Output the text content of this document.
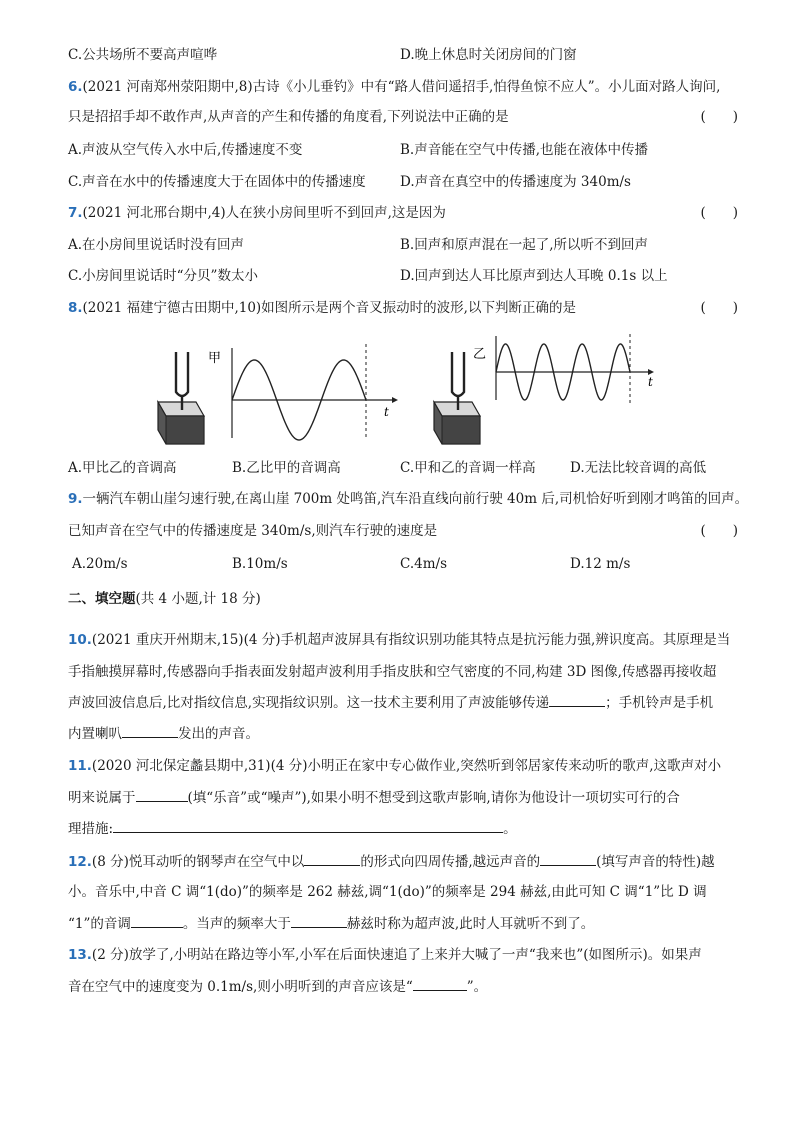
C.公共场所不要高声喧哗	D.晚上休息时关闭房间的门窗
6.(2021 河南郑州荥阳期中,8)古诗《小儿垂钓》中有“路人借问遥招手,怕得鱼惊不应人”。小儿面对路人询问,
只是招招手却不敢作声,从声音的产生和传播的角度看,下列说法中正确的是	(　　)
A.声波从空气传入水中后,传播速度不变	B.声音能在空气中传播,也能在液体中传播
C.声音在水中的传播速度大于在固体中的传播速度	D.声音在真空中的传播速度为 340m/s
7.(2021 河北邢台期中,4)人在狭小房间里听不到回声,这是因为	(　　)
A.在小房间里说话时没有回声	B.回声和原声混在一起了,所以听不到回声
C.小房间里说话时“分贝”数太小	D.回声到达人耳比原声到达人耳晚 0.1s 以上
8.(2021 福建宁德古田期中,10)如图所示是两个音叉振动时的波形,以下判断正确的是	(　　)
甲
t
乙
t
A.甲比乙的音调高	B.乙比甲的音调高	C.甲和乙的音调一样高	D.无法比较音调的高低
9.一辆汽车朝山崖匀速行驶,在离山崖 700m 处鸣笛,汽车沿直线向前行驶 40m 后,司机恰好听到刚才鸣笛的回声。
已知声音在空气中的传播速度是 340m/s,则汽车行驶的速度是	(　　)
A.20m/s	B.10m/s	C.4m/s	D.12 m/s
二、填空题(共 4 小题,计 18 分)
10.(2021 重庆开州期末,15)(4 分)手机超声波屏具有指纹识别功能其特点是抗污能力强,辨识度高。其原理是当
手指触摸屏幕时,传感器向手指表面发射超声波利用手指皮肤和空气密度的不同,构建 3D 图像,传感器再接收超
声波回波信息后,比对指纹信息,实现指纹识别。这一技术主要利用了声波能够传递	；手机铃声是手机
内置喇叭	发出的声音。
11.(2020 河北保定蠡县期中,31)(4 分)小明正在家中专心做作业,突然听到邻居家传来动听的歌声,这歌声对小
明来说属于	(填“乐音”或“噪声”),如果小明不想受到这歌声影响,请你为他设计一项切实可行的合
理措施:	。
12.(8 分)悦耳动听的钢琴声在空气中以	的形式向四周传播,越远声音的	(填写声音的特性)越
小。音乐中,中音 C 调“1(do)”的频率是 262 赫兹,调“1(do)”的频率是 294 赫兹,由此可知 C 调“1”比 D 调
“1”的音调	。当声的频率大于	赫兹时称为超声波,此时人耳就听不到了。
13.(2 分)放学了,小明站在路边等小军,小军在后面快速追了上来并大喊了一声“我来也”(如图所示)。如果声
音在空气中的速度变为 0.1m/s,则小明听到的声音应该是“	”。
